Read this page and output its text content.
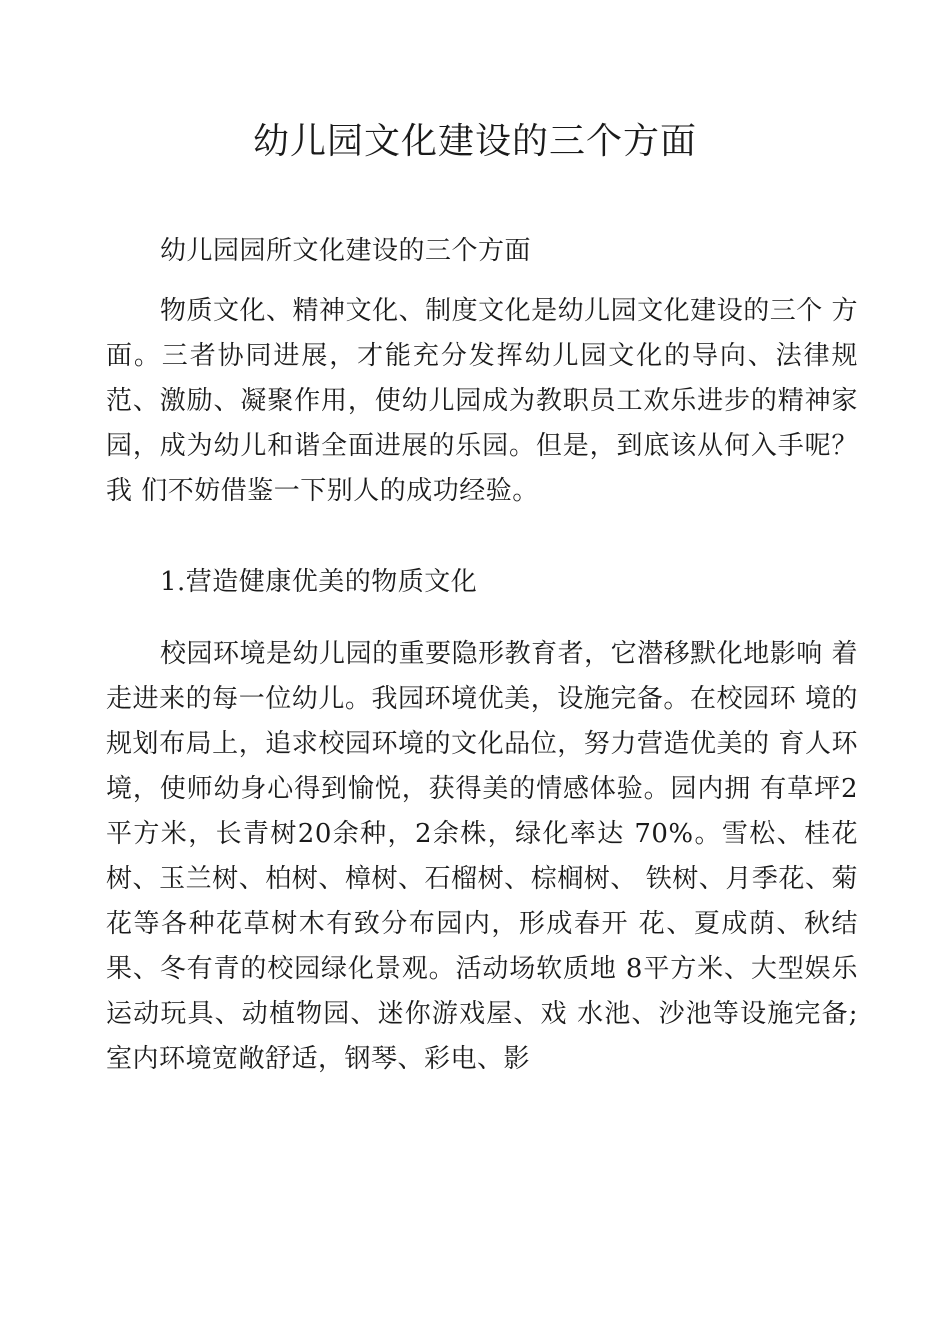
幼儿园文化建设的三个方面

幼儿园园所文化建设的三个方面

物质文化、精神文化、制度文化是幼儿园文化建设的三个 方面。三者协同进展，才能充分发挥幼儿园文化的导向、法律规范、激励、凝聚作用，使幼儿园成为教职员工欢乐进步的精神家园，成为幼儿和谐全面进展的乐园。但是，到底该从何入手呢？我 们不妨借鉴一下别人的成功经验。

1.营造健康优美的物质文化

校园环境是幼儿园的重要隐形教育者，它潜移默化地影响 着走进来的每一位幼儿。我园环境优美，设施完备。在校园环 境的规划布局上，追求校园环境的文化品位，努力营造优美的 育人环境，使师幼身心得到愉悦，获得美的情感体验。园内拥 有草坪2平方米，长青树20余种，2余株，绿化率达 70%。雪松、桂花树、玉兰树、柏树、樟树、石榴树、棕榈树、 铁树、月季花、菊花等各种花草树木有致分布园内，形成春开 花、夏成荫、秋结果、冬有青的校园绿化景观。活动场软质地 8平方米、大型娱乐运动玩具、动植物园、迷你游戏屋、戏 水池、沙池等设施完备;室内环境宽敞舒适，钢琴、彩电、影
